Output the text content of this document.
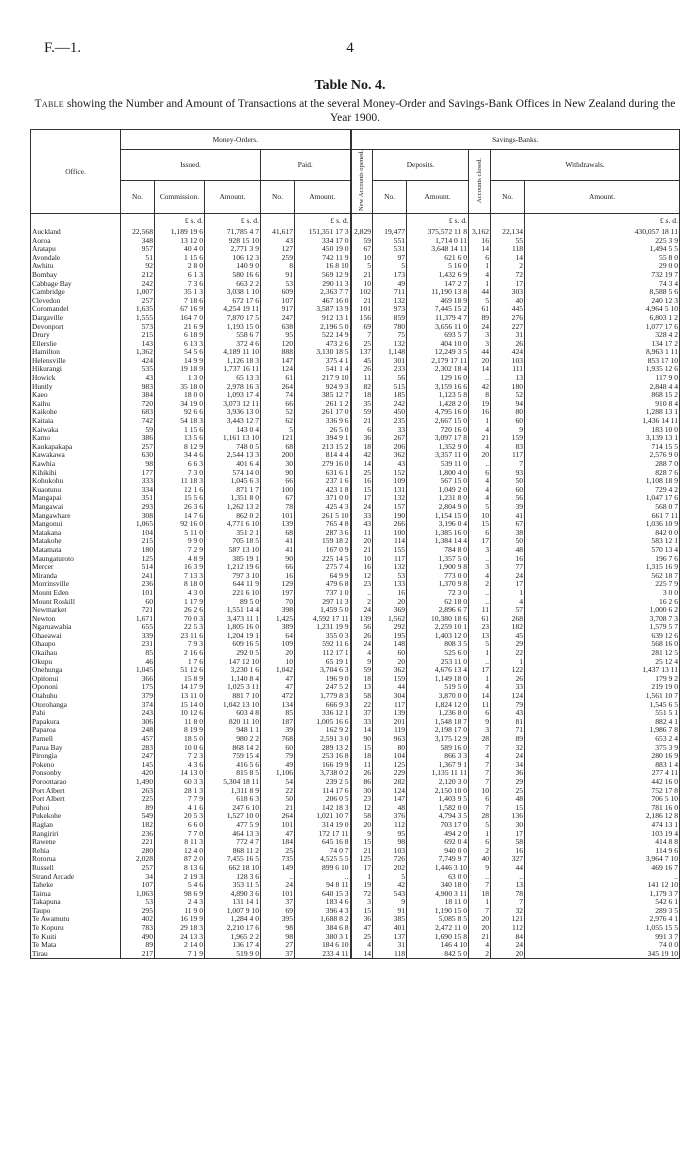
F.—1.	4
Table No. 4.
Table showing the Number and Amount of Transactions at the several Money-Order and Savings-Bank Offices in New Zealand during the Year 1900.
Office.	Money-Orders.					Savings-Banks.					
	Issued.			Paid.		New Accounts opened.	Deposits.		Accounts closed.	Withdrawals.	
	No.	Commission.	Amount.	No.	Amount.		No.	Amount.		No.	Amount.
		£ s. d.	£ s. d.		£ s. d.			£ s. d.			£ s. d.
Auckland	22,568	1,189 19 6	71,785 4 7	41,617	151,351 17 3	2,829	19,477	375,572 11 8	3,162	22,134	430,057 18 11
Aoroa	348	13 12 0	928 15 10	43	334 17 0	59	551	1,714 0 11	16	55	225 3 9
Aratapu	957	40 4 0	2,771 3 9	127	450 19 0	67	531	3,648 14 11	14	118	1,494 5 5
Avondale	51	1 15 6	106 12 3	259	742 11 9	10	97	621 6 0	6	14	55 8 0
Awhitu	92	2 8 0	140 9 0	8	16 8 10	5	5	5 16 0	1	2	29 0 0
Bombay	212	6 1 3	580 16 6	91	569 12 9	21	173	1,432 6 9	4	72	732 19 7
Cabbage Bay	242	7 3 6	663 2 2	53	290 11 3	10	49	147 2 7	1	17	74 3 4
Cambridge	1,007	35 1 3	3,038 1 10	609	2,363 7 7	102	711	11,190 13 8	44	303	8,588 5 6
Clevedon	257	7 18 6	672 17 6	107	467 16 0	21	132	469 18 9	5	40	240 12 3
Coromandel	1,635	67 16 9	4,254 19 11	917	3,587 13 9	101	973	7,445 15 2	61	445	4,964 5 10
Dargaville	1,555	164 7 0	7,870 17 5	247	912 13 1	156	859	11,379 4 7	89	276	6,803 1 2
Devonport	573	21 6 9	1,193 15 0	638	2,196 5 0	69	780	3,656 11 0	24	227	1,077 17 6
Drury	215	6 18 9	558 6 7	95	522 14 9	7	75	693 5 7	3	31	328 4 2
Ellerslie	143	6 13 3	372 4 6	120	473 2 6	25	132	404 10 0	3	26	134 17 2
Hamilton	1,362	54 5 6	4,189 11 10	888	3,130 18 5	137	1,148	12,249 3 5	44	424	8,963 1 11
Helensville	424	14 9 9	1,126 18 3	147	375 4 1	45	301	2,179 17 11	20	103	853 17 10
Hikurangi	535	19 18 9	1,737 16 11	124	541 1 4	26	233	2,302 18 4	14	111	1,935 12 6
Howick	43	1 3 0	65 13 3	61	217 9 10	11	56	129 16 0	..	13	117 9 0
Huntly	983	35 18 0	2,978 16 3	264	924 9 3	82	515	3,159 16 6	42	180	2,848 4 4
Kaeo	384	18 0 0	1,093 17 4	74	385 12 7	18	185	1,123 5 8	8	52	868 15 2
Kaihu	720	34 19 0	3,073 12 11	66	261 1 2	35	242	1,428 2 0	19	94	910 8 4
Kaikohe	683	92 6 6	3,936 13 0	52	261 17 0	59	450	4,795 16 0	16	80	1,288 13 1
Kaitaia	742	54 18 3	3,443 12 7	62	336 9 6	21	235	2,667 15 0	1	60	1,436 14 11
Kaiwaka	59	1 15 6	143 0 4	5	26 5 0	6	33	720 16 0	4	9	183 10 0
Kamo	386	13 5 6	1,161 13 10	121	394 9 1	36	267	3,097 17 8	21	159	3,139 13 1
Kaukapakapa	257	8 12 9	748 0 5	68	213 15 2	18	206	1,352 9 0	4	83	714 15 5
Kawakawa	630	34 4 6	2,544 13 3	200	814 4 4	42	362	3,357 11 0	20	117	2,576 9 0
Kawhia	98	6 6 3	401 6 4	30	279 16 0	14	43	539 11 0	..	7	288 7 0
Kihikihi	177	7 3 0	574 14 0	90	631 6 1	25	152	1,800 4 0	6	93	828 7 6
Kohukohu	333	11 18 3	1,045 6 3	66	237 1 6	16	109	567 15 0	4	50	1,108 18 9
Kuaotunu	334	12 1 6	871 1 7	100	423 1 8	15	131	1,049 2 0	4	60	729 4 2
Mangapai	351	15 5 6	1,351 8 0	67	371 0 0	17	132	1,231 8 0	4	56	1,047 17 6
Mangawai	293	26 3 6	1,262 13 2	78	425 4 3	24	157	2,804 9 0	5	39	568 0 7
Mangawhare	308	14 7 6	862 0 2	101	261 5 10	33	190	1,154 15 0	10	41	661 7 11
Mangonui	1,065	92 16 0	4,771 6 10	139	765 4 8	43	266	3,196 0 4	15	67	1,036 10 9
Matakana	104	5 11 0	351 2 1	68	287 3 6	11	100	1,385 16 0	6	38	842 0 0
Matakohe	215	9 9 0	705 18 5	41	159 18 2	20	114	1,384 14 4	17	50	583 12 1
Matamata	180	7 2 9	587 13 10	41	167 0 9	21	155	784 8 0	3	48	570 13 4
Maungaturoto	125	4 8 9	385 19 1	90	225 14 5	10	117	1,357 5 0	..	16	196 7 6
Mercer	514	16 3 9	1,212 19 6	66	275 7 4	16	132	1,900 9 8	3	77	1,315 16 9
Miranda	241	7 13 3	797 3 10	16	64 9 9	12	53	773 0 0	4	24	562 18 7
Morrinsville	236	8 18 0	644 11 9	129	479 6 8	23	133	1,370 9 8	2	17	225 7 9
Mount Eden	101	4 3 0	221 6 10	197	737 1 0	..	16	72 3 0	..	1	3 0 0
Mount Roskill	60	1 17 9	89 5 0	70	297 11 3	2	20	62 18 0	..	4	16 2 6
Newmarket	721	26 2 6	1,551 14 4	398	1,459 5 0	24	369	2,896 6 7	11	57	1,000 6 2
Newton	1,671	70 0 3	3,473 11 1	1,425	4,592 17 11	139	1,562	10,380 18 6	61	268	3,708 7 3
Ngaruawahia	655	22 5 3	1,805 16 0	389	1,231 19 9	56	292	2,259 10 1	23	182	1,579 5 7
Ohaeawai	339	23 11 6	1,204 19 1	64	355 0 3	26	195	1,403 12 0	13	45	639 12 6
Ohaupo	231	7 9 3	609 16 5	109	592 11 6	24	148	808 3 5	5	29	568 16 0
Okaihau	85	2 16 6	292 0 5	20	112 17 1	4	60	525 6 0	1	22	281 12 5
Okupu	46	1 7 6	147 12 10	10	65 19 1	9	20	253 11 0	..	1	25 12 4
Onehunga	1,045	51 12 6	3,230 1 6	1,042	3,704 6 3	59	362	4,676 13 4	17	122	1,437 13 11
Opitonui	366	15 8 9	1,140 8 4	47	196 9 0	18	159	1,149 18 0	1	26	179 9 2
Opononi	175	14 17 9	1,025 3 11	47	247 5 2	13	44	519 5 0	4	33	219 19 0
Otahuhu	379	13 11 0	881 7 10	472	1,779 8 3	58	304	3,870 0 0	14	124	1,561 10 7
Otorohanga	374	15 14 0	1,042 13 10	134	666 9 3	22	117	1,824 12 0	11	79	1,545 6 5
Pahi	243	10 12 6	603 4 8	85	336 12 1	37	139	1,236 8 0	6	43	551 5 1
Papakura	306	11 8 0	820 11 10	187	1,005 16 6	33	201	1,548 18 7	9	81	882 4 1
Paparoa	248	8 19 9	948 1 1	39	162 9 2	14	119	2,198 17 0	3	71	1,986 7 8
Parnell	457	18 5 0	980 2 2	768	2,591 3 0	90	963	3,175 12 9	28	89	653 2 4
Parua Bay	283	10 0 6	868 14 2	60	289 13 2	15	80	589 16 0	7	32	375 3 9
Pirongia	247	7 2 3	759 15 4	79	253 16 8	18	104	866 3 3	4	24	280 16 9
Pokeno	145	4 3 6	416 5 6	49	166 19 9	11	125	1,367 9 1	7	34	883 1 4
Ponsonby	420	14 13 0	815 8 5	1,106	3,738 0 2	26	229	1,135 11 11	7	36	277 4 11
Poroottarao	1,490	60 3 3	5,304 18 11	54	239 2 5	86	282	2,120 3 0	7	29	442 16 0
Port Albert	263	28 1 3	1,311 8 9	22	114 17 6	30	124	2,150 10 0	10	25	752 17 8
Port Albert	225	7 7 9	618 6 3	50	206 0 5	23	147	1,403 9 5	6	48	706 5 10
Puhoi	89	4 1 6	247 6 10	21	142 18 3	12	48	1,582 0 0	7	15	781 16 0
Pukekohe	549	20 5 3	1,527 10 0	264	1,021 10 7	58	376	4,794 3 5	28	136	2,186 12 8
Raglan	182	6 6 0	477 5 9	101	314 19 0	20	112	703 17 0	5	30	474 13 1
Rangiriri	236	7 7 0	464 13 3	47	172 17 11	9	95	494 2 0	1	17	103 19 4
Rawene	221	8 11 3	772 4 7	184	645 16 8	15	98	692 0 4	6	58	414 8 8
Rehia	280	12 4 0	868 11 2	25	74 0 7	21	103	940 0 0	2	16	114 9 6
Rotorua	2,028	87 2 0	7,455 16 5	735	4,525 5 5	125	726	7,749 9 7	40	327	3,964 7 10
Russell	257	8 13 6	662 18 10	149	899 6 10	17	202	1,446 3 10	9	44	469 16 7
Strand Arcade	34	2 19 3	128 3 6	..	..	1	5	63 0 0	..	..	..
Taheke	107	5 4 6	353 11 5	24	94 8 11	19	42	340 18 0	7	13	141 12 10
Tairua	1,063	98 6 9	4,890 3 6	101	640 15 3	72	543	4,900 3 11	18	78	1,179 3 7
Takapuna	53	2 4 3	131 14 1	37	183 4 6	3	9	18 11 0	1	7	542 6 1
Taupo	295	11 9 0	1,007 9 10	69	396 4 3	15	91	1,190 15 0	7	32	289 3 5
Te Awamutu	402	16 19 9	1,284 4 0	395	1,688 8 2	36	385	5,085 8 5	20	121	2,976 4 1
Te Kopuru	783	29 18 3	2,210 17 6	98	384 6 8	47	401	2,472 11 0	20	112	1,055 15 5
Te Kuiti	490	24 13 3	1,965 2 2	98	380 3 1	25	137	1,690 15 8	21	84	991 3 7
Te Mata	89	2 14 0	136 17 4	27	184 6 10	4	31	146 4 10	4	24	74 0 0
Tirau	217	7 1 9	519 9 0	37	233 4 11	14	118	842 5 0	2	20	345 19 10
